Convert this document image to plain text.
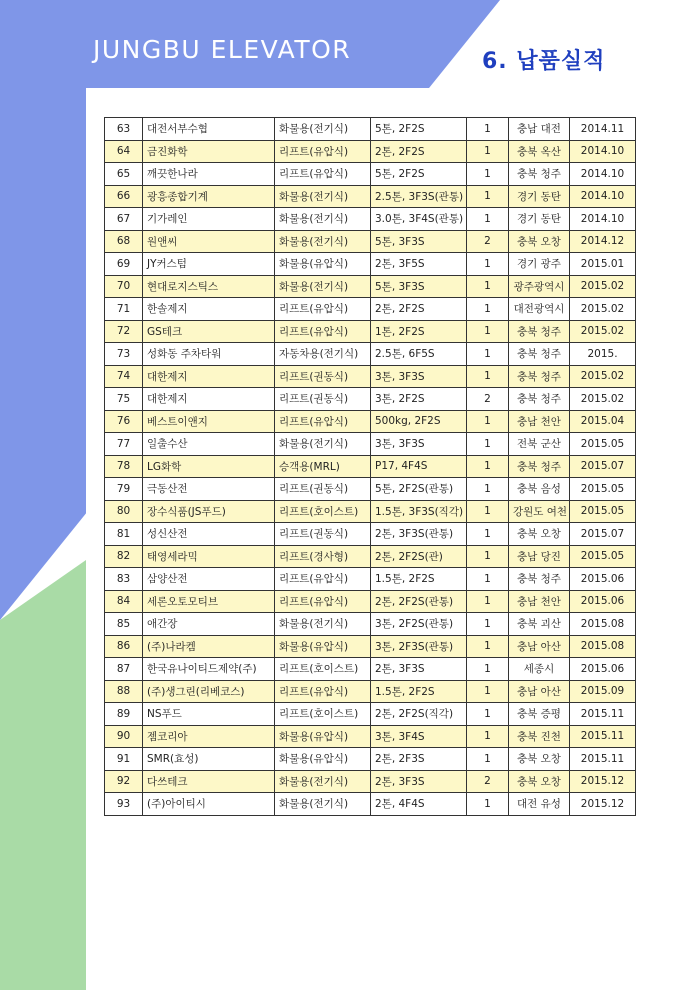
JUNGBU ELEVATOR	6. 납품실적
63	대전서부수협	화물용(전기식)	5톤, 2F2S	1	충남 대전	2014.11
64	금진화학	리프트(유압식)	2톤, 2F2S	1	충북 옥산	2014.10
65	깨끗한나라	리프트(유압식)	5톤, 2F2S	1	충북 청주	2014.10
66	광흥종합기계	화물용(전기식)	2.5톤, 3F3S(관통)	1	경기 동탄	2014.10
67	기가레인	화물용(전기식)	3.0톤, 3F4S(관통)	1	경기 동탄	2014.10
68	원앤씨	화물용(전기식)	5톤, 3F3S	2	충북 오창	2014.12
69	JY커스텀	화물용(유압식)	2톤, 3F5S	1	경기 광주	2015.01
70	현대로지스틱스	화물용(전기식)	5톤, 3F3S	1	광주광역시	2015.02
71	한솔제지	리프트(유압식)	2톤, 2F2S	1	대전광역시	2015.02
72	GS테크	리프트(유압식)	1톤, 2F2S	1	충북 청주	2015.02
73	성화동 주차타워	자동차용(전기식)	2.5톤, 6F5S	1	충북 청주	2015.
74	대한제지	리프트(권동식)	3톤, 3F3S	1	충북 청주	2015.02
75	대한제지	리프트(권동식)	3톤, 2F2S	2	충북 청주	2015.02
76	베스트이앤지	리프트(유압식)	500kg, 2F2S	1	충남 천안	2015.04
77	일출수산	화물용(전기식)	3톤, 3F3S	1	전북 군산	2015.05
78	LG화학	승객용(MRL)	P17, 4F4S	1	충북 청주	2015.07
79	극동산전	리프트(권동식)	5톤, 2F2S(관통)	1	충북 음성	2015.05
80	장수식품(JS푸드)	리프트(호이스트)	1.5톤, 3F3S(직각)	1	강원도 여천	2015.05
81	성신산전	리프트(권동식)	2톤, 3F3S(관통)	1	충북 오창	2015.07
82	태영세라믹	리프트(경사형)	2톤, 2F2S(관)	1	충남 당진	2015.05
83	삼양산전	리프트(유압식)	1.5톤, 2F2S	1	충북 청주	2015.06
84	세론오토모티브	리프트(유압식)	2톤, 2F2S(관통)	1	충남 천안	2015.06
85	애간장	화물용(전기식)	3톤, 2F2S(관통)	1	충북 괴산	2015.08
86	(주)나라켐	화물용(유압식)	3톤, 2F3S(관통)	1	충남 아산	2015.08
87	한국유나이티드제약(주)	리프트(호이스트)	2톤, 3F3S	1	세종시	2015.06
88	(주)생그린(리베코스)	리프트(유압식)	1.5톤, 2F2S	1	충남 아산	2015.09
89	NS푸드	리프트(호이스트)	2톤, 2F2S(직각)	1	충북 증평	2015.11
90	젬코리아	화물용(유압식)	3톤, 3F4S	1	충북 진천	2015.11
91	SMR(효성)	화물용(유압식)	2톤, 2F3S	1	충북 오창	2015.11
92	다쓰테크	화물용(전기식)	2톤, 3F3S	2	충북 오창	2015.12
93	(주)아이티시	화물용(전기식)	2톤, 4F4S	1	대전 유성	2015.12
